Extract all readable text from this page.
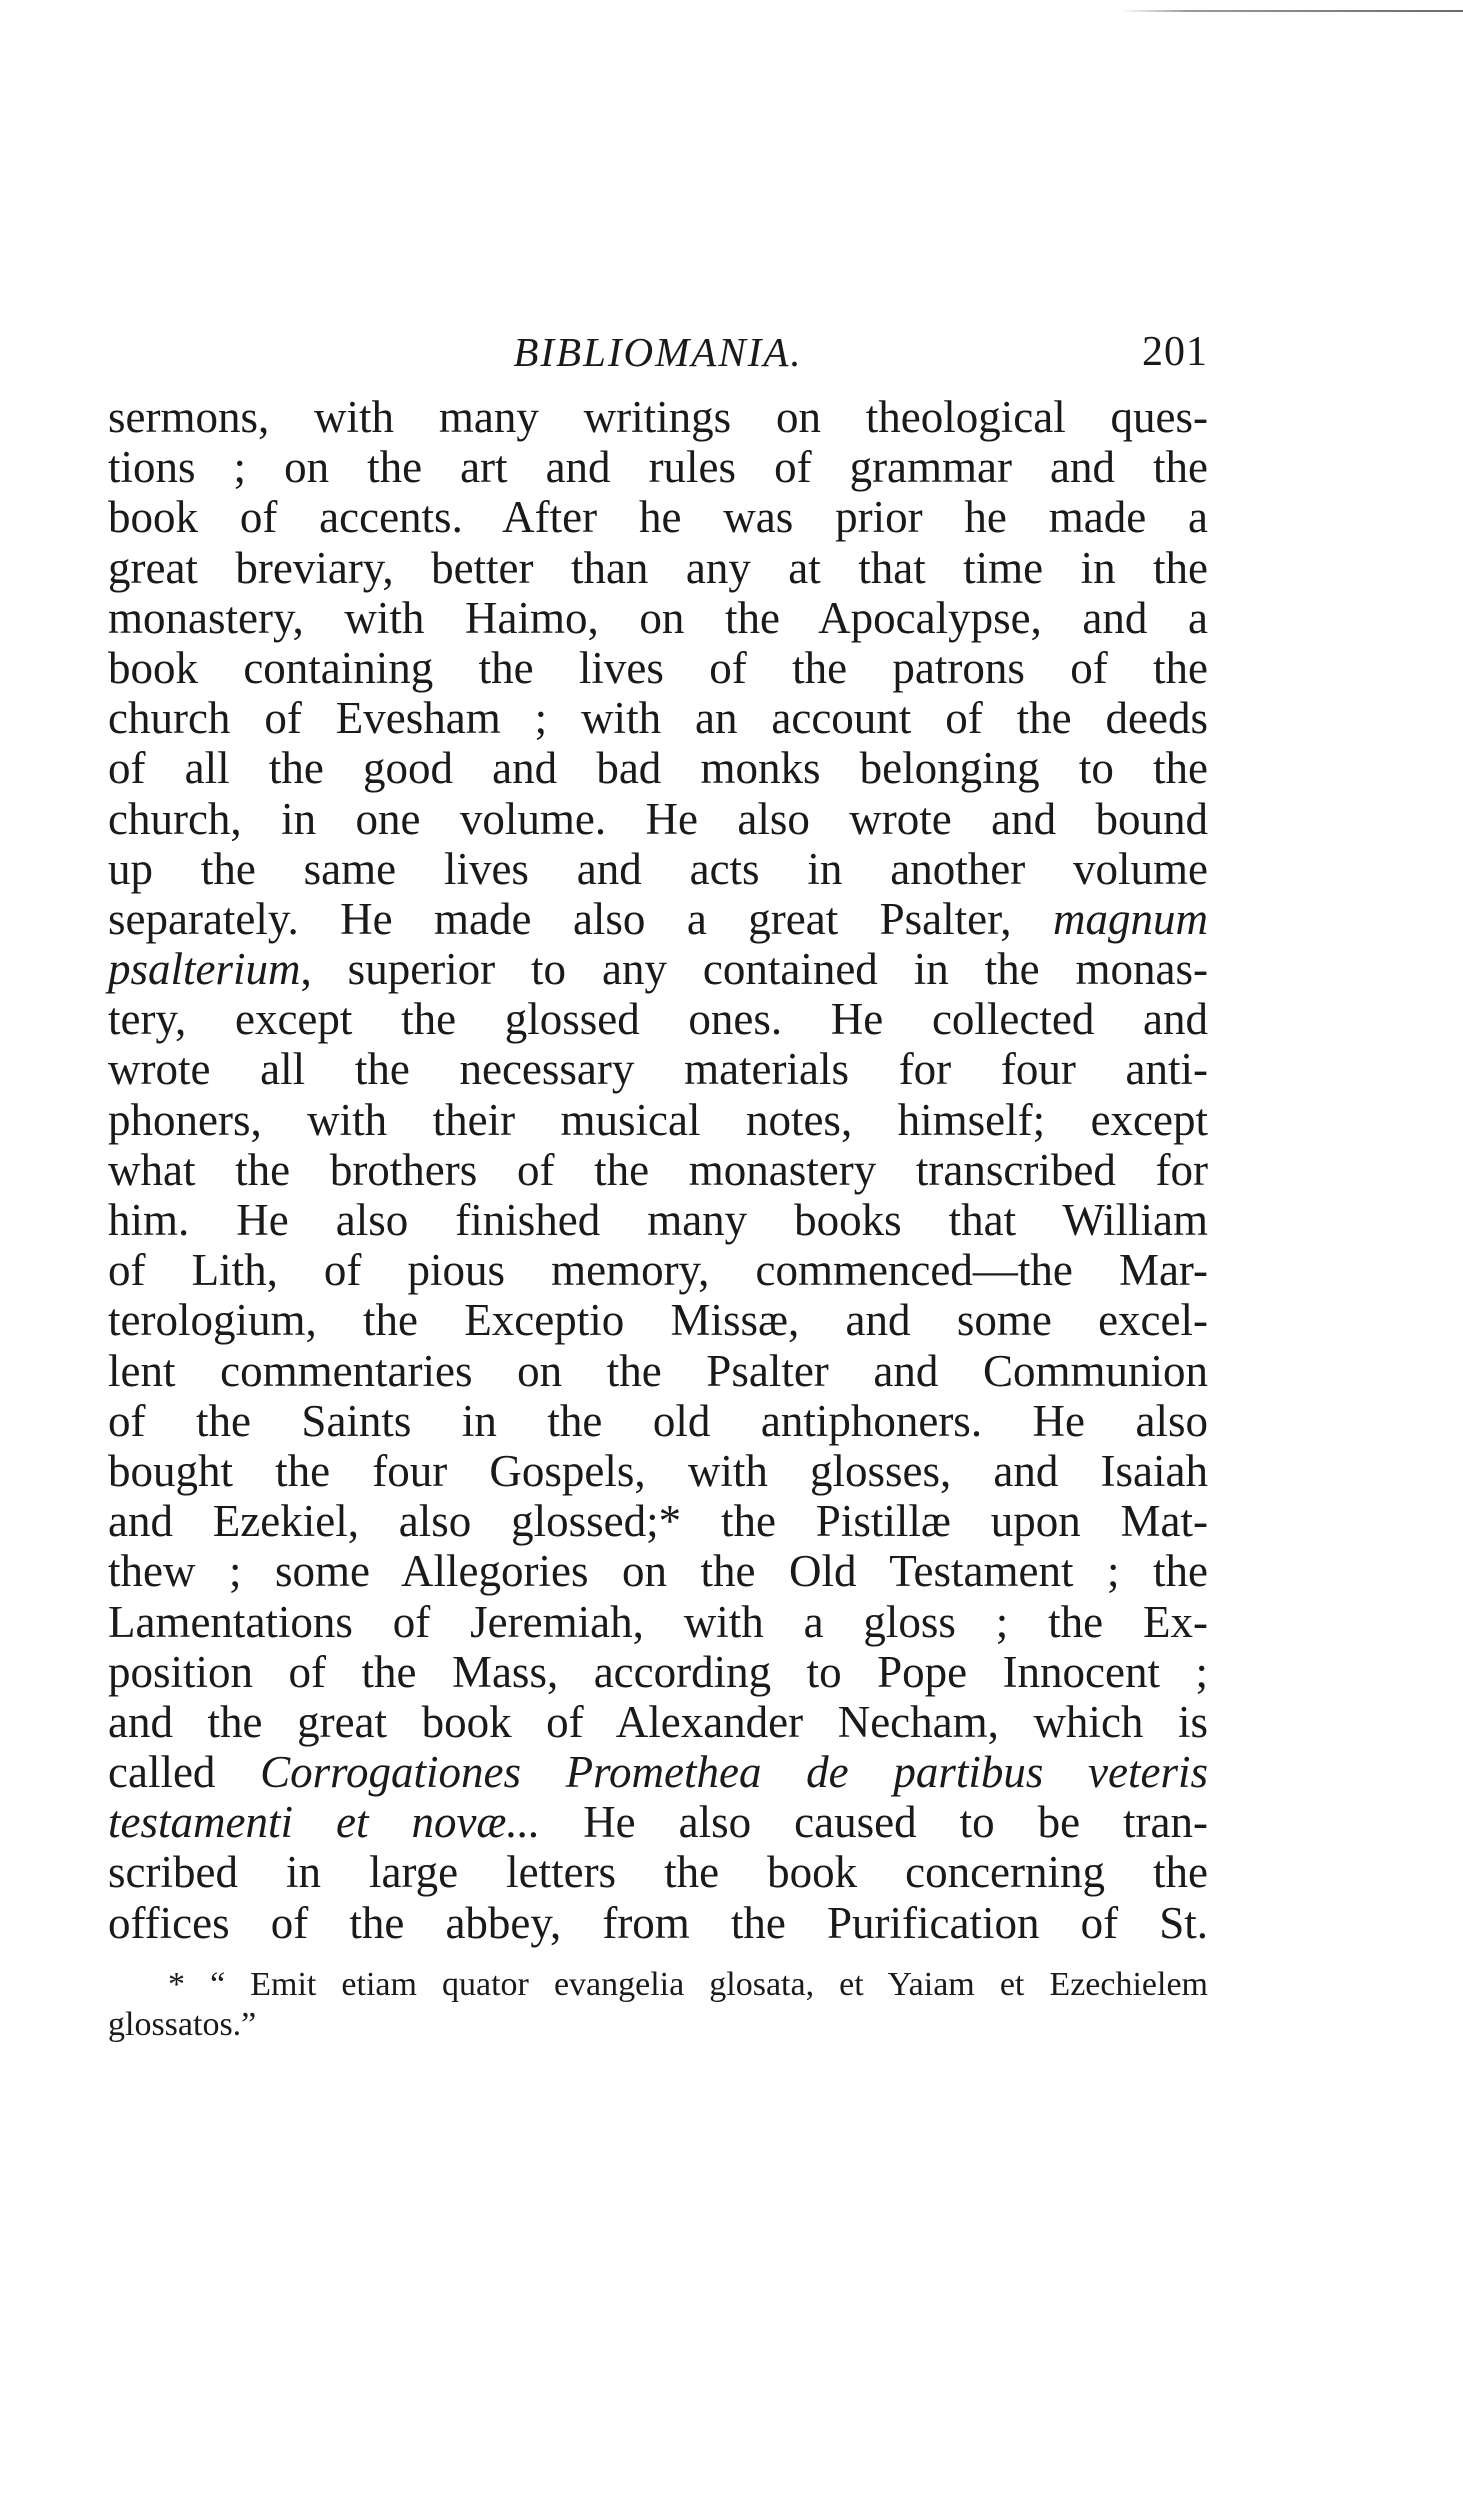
BIBLIOMANIA.	201
sermons, with many writings on theological ques-
tions ; on the art and rules of grammar and the
book of accents. After he was prior he made a
great breviary, better than any at that time in the
monastery, with Haimo, on the Apocalypse, and a
book containing the lives of the patrons of the
church of Evesham ; with an account of the deeds
of all the good and bad monks belonging to the
church, in one volume. He also wrote and bound
up the same lives and acts in another volume
separately. He made also a great Psalter, magnum
psalterium, superior to any contained in the monas-
tery, except the glossed ones. He collected and
wrote all the necessary materials for four anti-
phoners, with their musical notes, himself; except
what the brothers of the monastery transcribed for
him. He also finished many books that William
of Lith, of pious memory, commenced—the Mar-
terologium, the Exceptio Missæ, and some excel-
lent commentaries on the Psalter and Communion
of the Saints in the old antiphoners. He also
bought the four Gospels, with glosses, and Isaiah
and Ezekiel, also glossed;* the Pistillæ upon Mat-
thew ; some Allegories on the Old Testament ; the
Lamentations of Jeremiah, with a gloss ; the Ex-
position of the Mass, according to Pope Innocent ;
and the great book of Alexander Necham, which is
called Corrogationes Promethea de partibus veteris
testamenti et novæ... He also caused to be tran-
scribed in large letters the book concerning the
offices of the abbey, from the Purification of St.
* “ Emit etiam quator evangelia glosata, et Yaiam et Ezechielem
glossatos.”
